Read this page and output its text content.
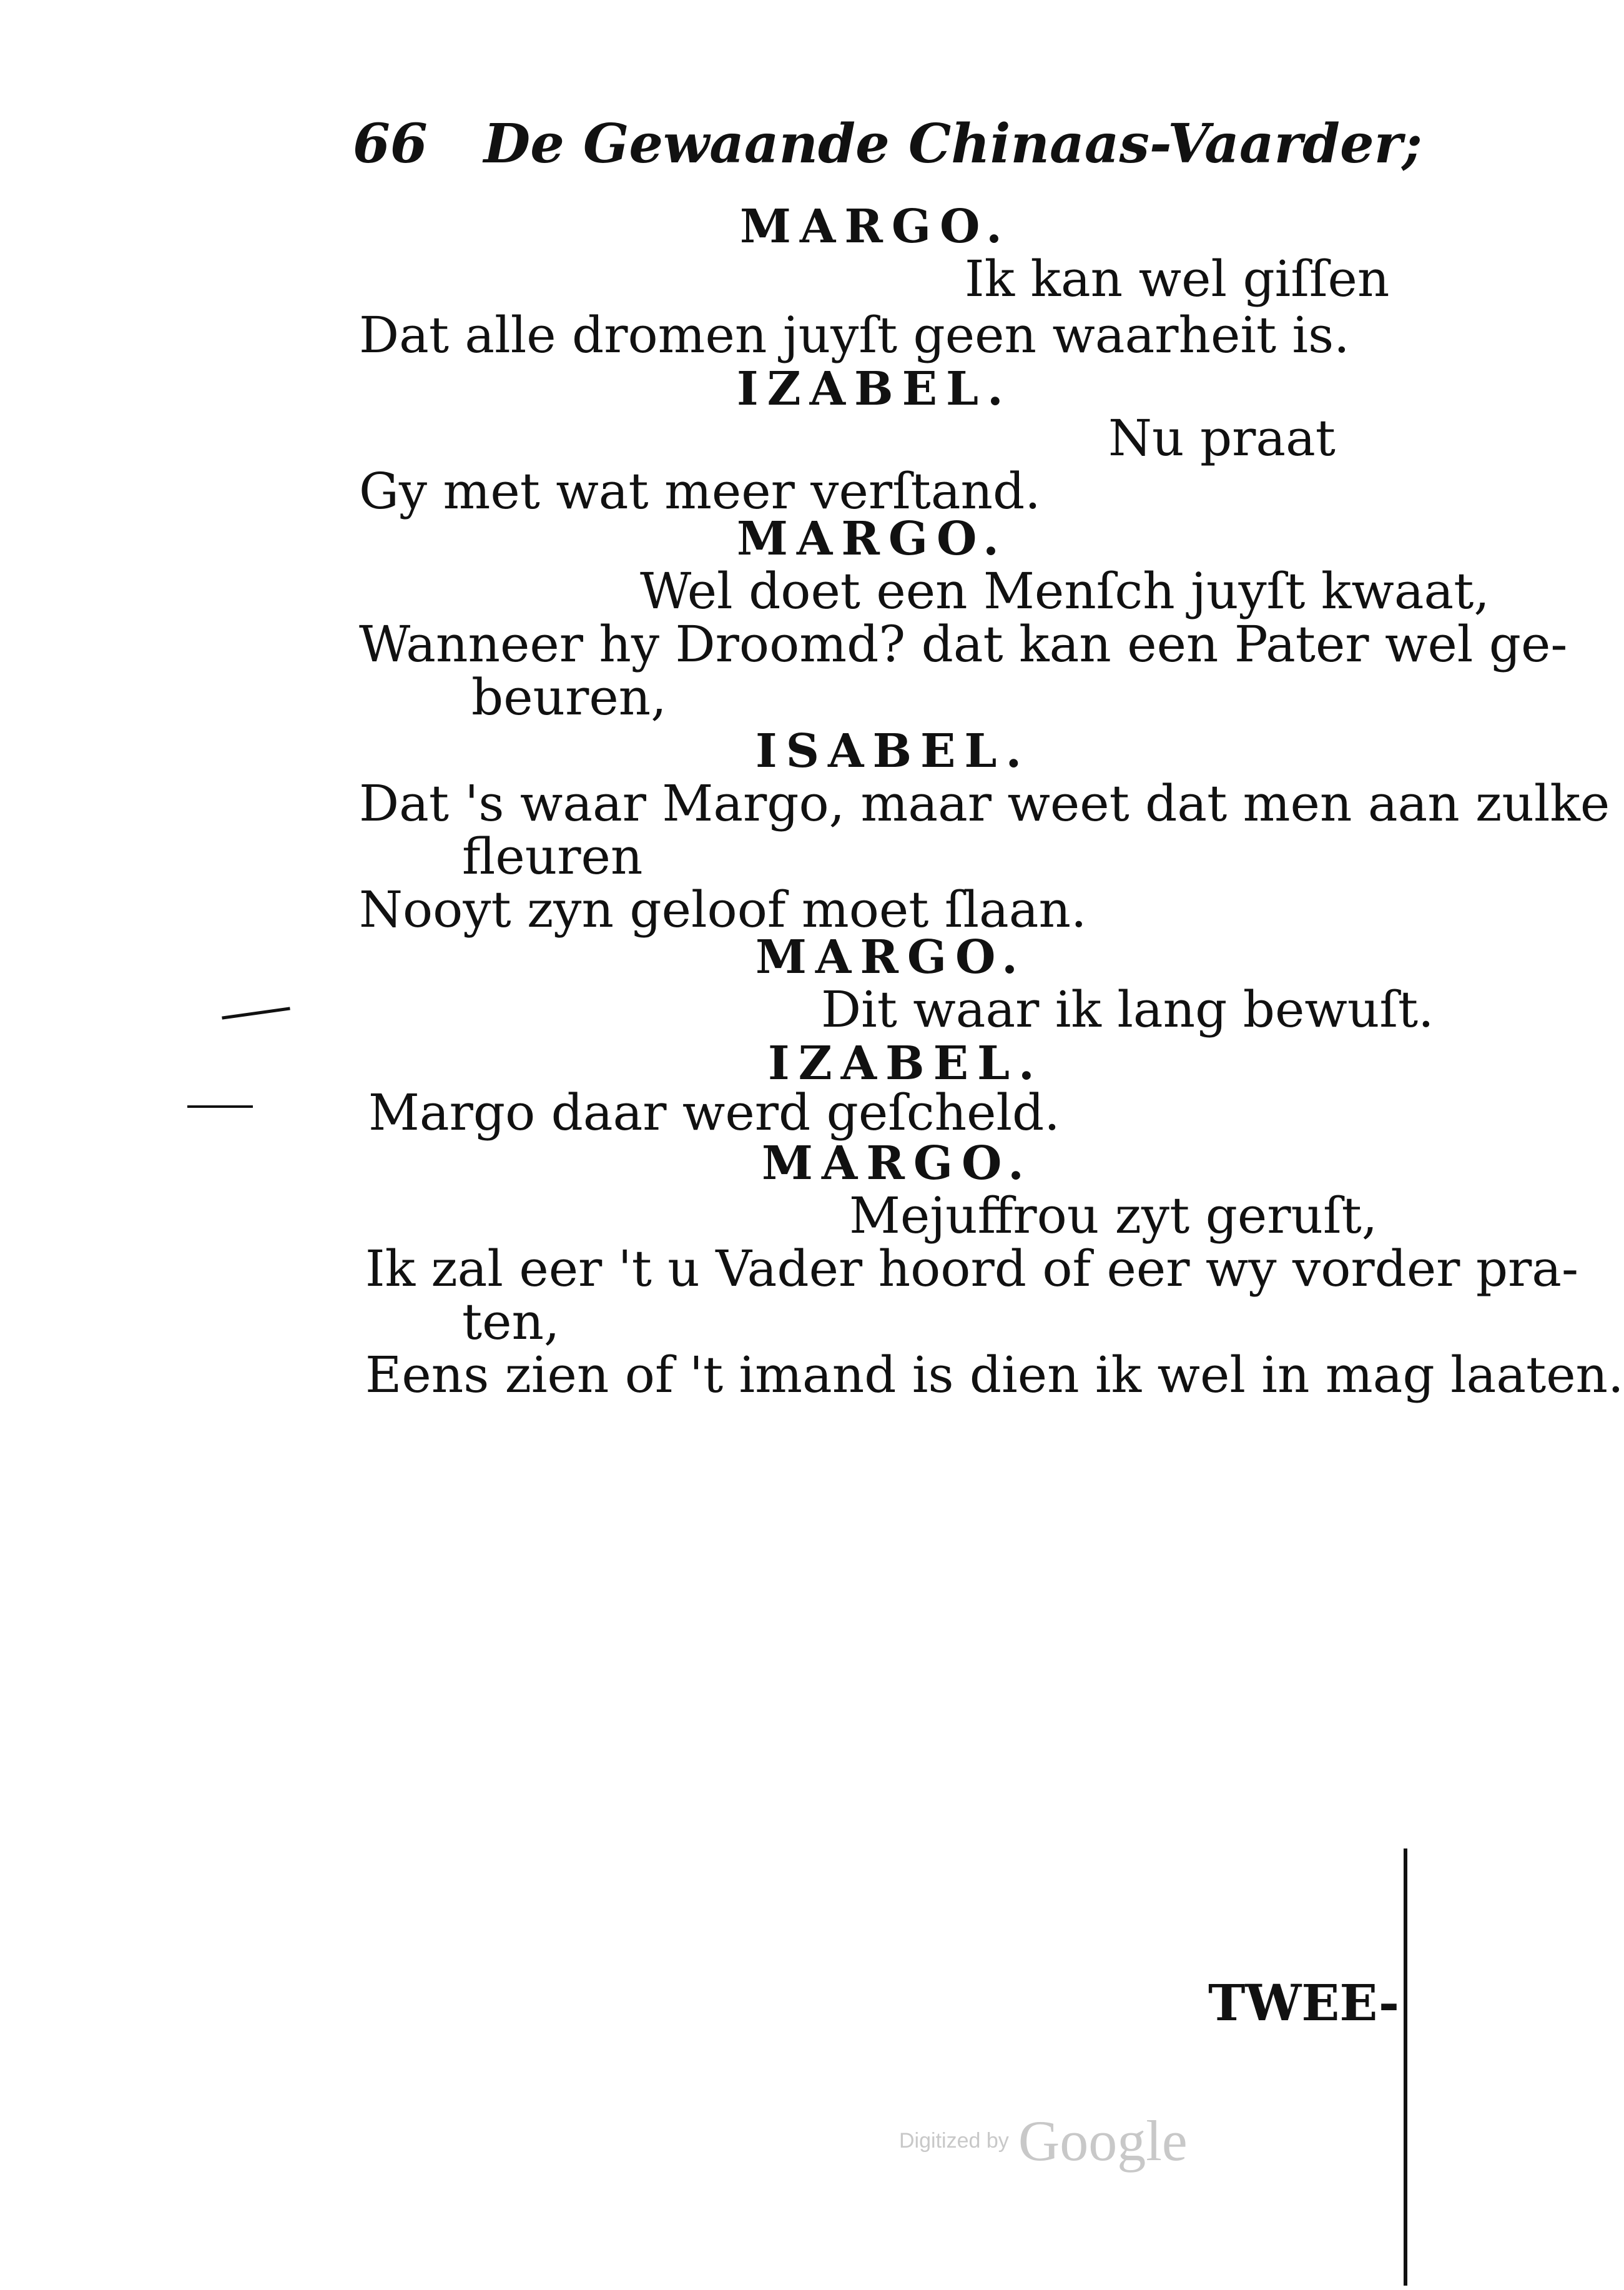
66 De Gewaande Chinaas-Vaarder;
MARGO.
Ik kan wel giſſen
Dat alle dromen juyſt geen waarheit is.
IZABEL.
Nu praat
Gy met wat meer verſtand.
MARGO.
Wel doet een Menſch juyſt kwaat,
Wanneer hy Droomd? dat kan een Pater wel ge-
beuren,
ISABEL.
Dat 's waar Margo, maar weet dat men aan zulke
fleuren
Nooyt zyn geloof moet ſlaan.
MARGO.
Dit waar ik lang bewuſt.
IZABEL.
Margo daar werd geſcheld.
MARGO.
Mejuffrou zyt geruſt,
Ik zal eer 't u Vader hoord of eer wy vorder pra-
ten,
Eens zien of 't imand is dien ik wel in mag laaten.
TWEE-
Digitized by Google
